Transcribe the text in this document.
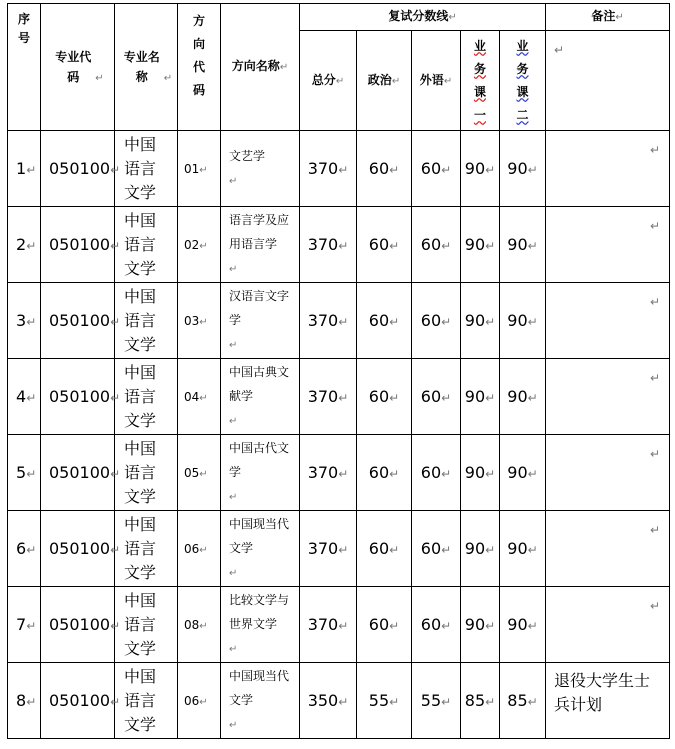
序号	专业代码 ↵	专业名称 ↵	方向代码	方向名称↵	复试分数线↵					备注↵
					总分↵	政治↵	外语↵	业务课一	业务课二	↵
1↵	050100↵	中国语言文学	01↵	文艺学↵	370↵	60↵	60↵	90↵	90↵	↵
2↵	050100↵	中国语言文学	02↵	语言学及应用语言学↵	370↵	60↵	60↵	90↵	90↵	↵
3↵	050100↵	中国语言文学	03↵	汉语言文字学↵	370↵	60↵	60↵	90↵	90↵	↵
4↵	050100↵	中国语言文学	04↵	中国古典文献学↵	370↵	60↵	60↵	90↵	90↵	↵
5↵	050100↵	中国语言文学	05↵	中国古代文学↵	370↵	60↵	60↵	90↵	90↵	↵
6↵	050100↵	中国语言文学	06↵	中国现当代文学↵	370↵	60↵	60↵	90↵	90↵	↵
7↵	050100↵	中国语言文学	08↵	比较文学与世界文学↵	370↵	60↵	60↵	90↵	90↵	↵
8↵	050100↵	中国语言文学	06↵	中国现当代文学↵	350↵	55↵	55↵	85↵	85↵	退役大学生士兵计划
